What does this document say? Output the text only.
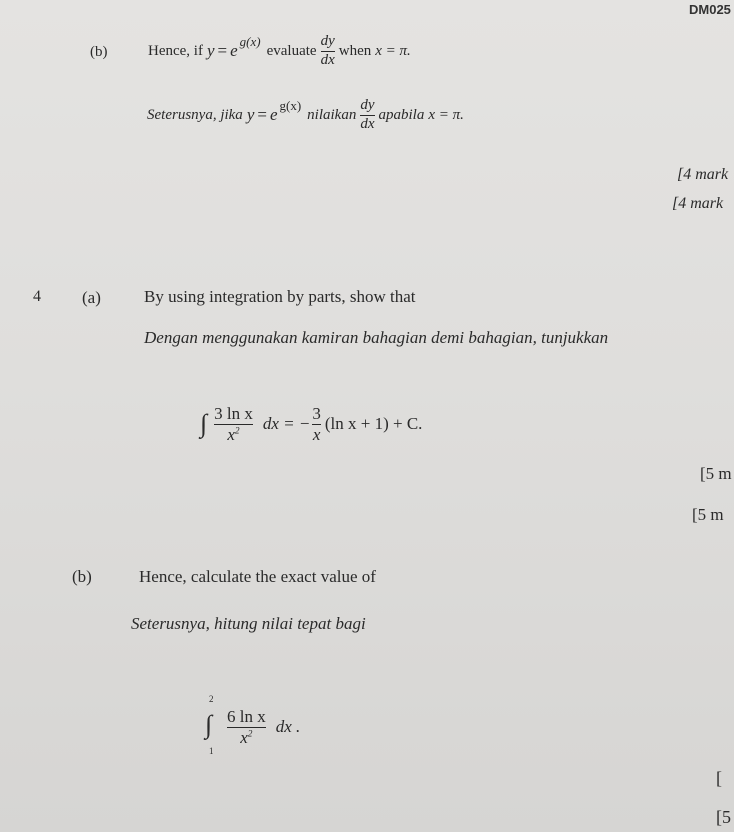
DM025
(b)	Hence, if y = e g(x)
evaluate $\frac{dy}{dx}$ when x = π.
Seterusnya, jika y = e g(x)
nilaikan $\frac{dy}{dx}$ apabila x = π.
[4 mark
[4 mark
4 (a)	By using integration by parts, show that
Dengan menggunakan kamiran bahagian demi bahagian, tunjukkan
∫ $\frac{\text{3 ln x}}{x^2}$ dx = − $\frac{3}{x} (\ln$ x + 1) + C.
[5 m
[5 m
(b)	Hence, calculate the exact value of
Seterusnya, hitung nilai tepat bagi
2
∫
1
$\frac{\text{6 ln x}}{x^2}$ dx .
[
[5
